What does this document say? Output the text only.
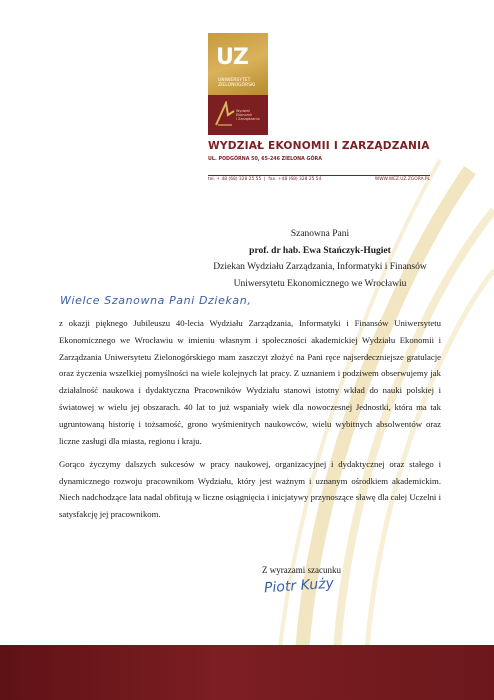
UZ
UNIWERSYTET
ZIELONOGÓRSKI
Wydział
Ekonomii
i Zarządzania
WYDZIAŁ EKONOMII I ZARZĄDZANIA
UL. PODGÓRNA 50, 65-246 ZIELONA GÓRA
tel. + 48 (68) 328 25 55  |  fax. +48 (68) 328 25 54	WWW.WEZ.UZ.ZGORA.PL
Szanowna Pani
prof. dr hab. Ewa Stańczyk-Hugiet
Dziekan Wydziału Zarządzania, Informatyki i Finansów
Uniwersytetu Ekonomicznego we Wrocławiu
Wielce Szanowna Pani Dziekan,

z okazji pięknego Jubileuszu 40-lecia Wydziału Zarządzania, Informatyki i Finansów Uniwersytetu Ekonomicznego we Wrocławiu w imieniu własnym i społeczności akademickiej Wydziału Ekonomii i Zarządzania Uniwersytetu Zielonogórskiego mam zaszczyt złożyć na Pani ręce najserdeczniejsze gratulacje oraz życzenia wszelkiej pomyślności na wiele kolejnych lat pracy. Z uznaniem i podziwem obserwujemy jak działalność naukowa i dydaktyczna Pracowników Wydziału stanowi istotny wkład do nauki polskiej i światowej w wielu jej obszarach. 40 lat to już wspaniały wiek dla nowoczesnej Jednostki, która ma tak ugruntowaną historię i tożsamość, grono wyśmienitych naukowców, wielu wybitnych absolwentów oraz liczne zasługi dla miasta, regionu i kraju.

Gorąco życzymy dalszych sukcesów w pracy naukowej, organizacyjnej i dydaktycznej oraz stałego i dynamicznego rozwoju pracownikom Wydziału, który jest ważnym i uznanym ośrodkiem akademickim. Niech nadchodzące lata nadal obfitują w liczne osiągnięcia i inicjatywy przynoszące sławę dla całej Uczelni i satysfakcję jej pracownikom.

Z wyrazami szacunku
Piotr Kuży
